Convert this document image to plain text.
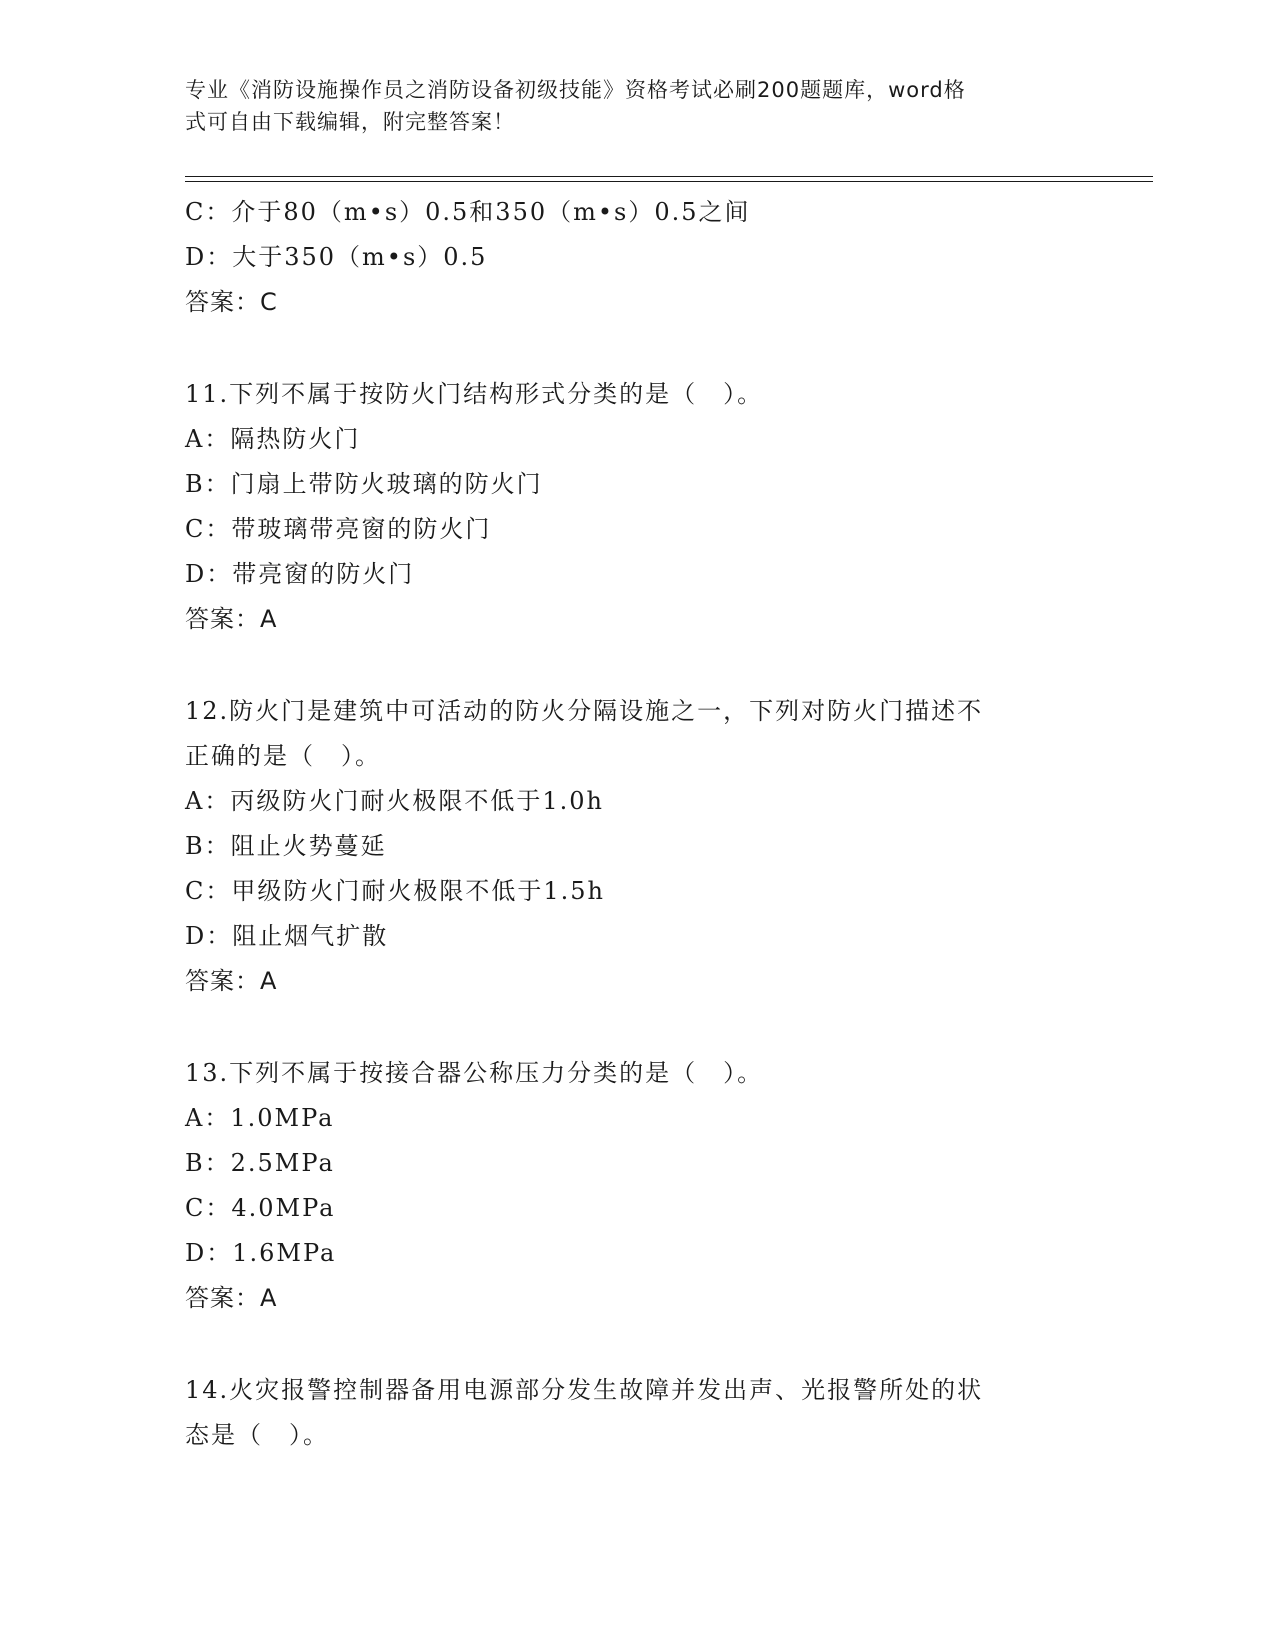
专业《消防设施操作员之消防设备初级技能》资格考试必刷200题题库，word格
式可自由下载编辑，附完整答案！
C：介于80（m•s）0.5和350（m•s）0.5之间
D：大于350（m•s）0.5
答案：C
11.下列不属于按防火门结构形式分类的是（　）。
A：隔热防火门
B：门扇上带防火玻璃的防火门
C：带玻璃带亮窗的防火门
D：带亮窗的防火门
答案：A
12.防火门是建筑中可活动的防火分隔设施之一，下列对防火门描述不
正确的是（　）。
A：丙级防火门耐火极限不低于1.0h
B：阻止火势蔓延
C：甲级防火门耐火极限不低于1.5h
D：阻止烟气扩散
答案：A
13.下列不属于按接合器公称压力分类的是（　）。
A：1.0MPa
B：2.5MPa
C：4.0MPa
D：1.6MPa
答案：A
14.火灾报警控制器备用电源部分发生故障并发出声、光报警所处的状
态是（　）。
